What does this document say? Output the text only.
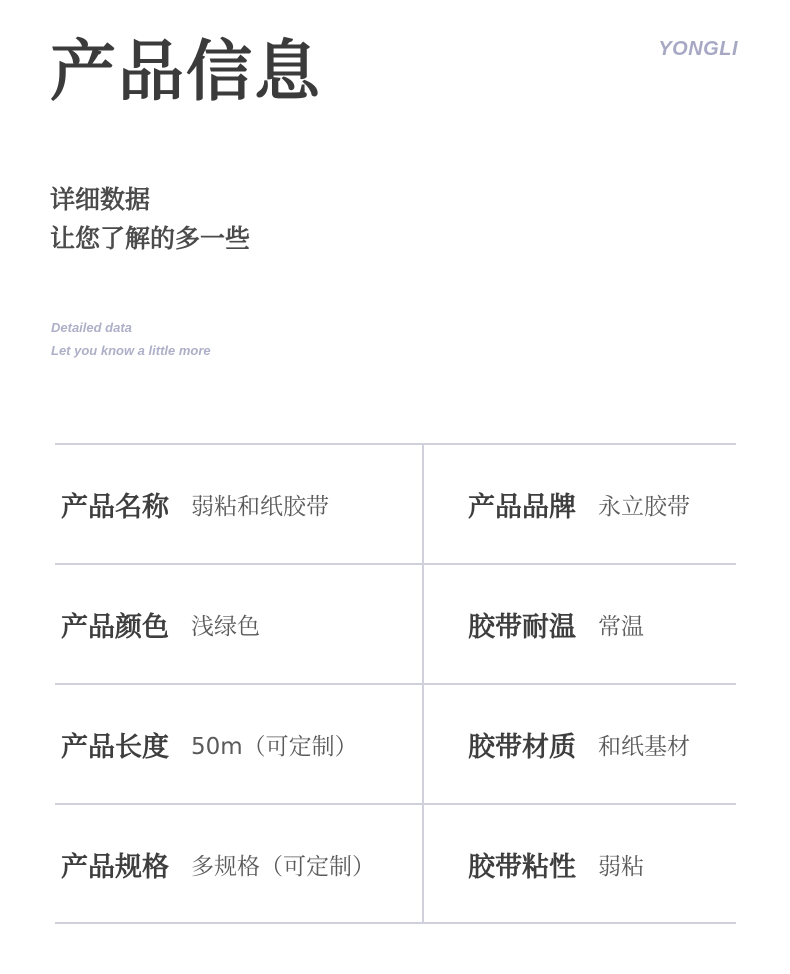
产品信息	YONGLI
详细数据
让您了解的多一些
Detailed data
Let you know a little more
产品名称 弱粘和纸胶带	产品品牌 永立胶带
产品颜色 浅绿色	胶带耐温 常温
产品长度 50m（可定制）	胶带材质 和纸基材
产品规格 多规格（可定制）	胶带粘性 弱粘
